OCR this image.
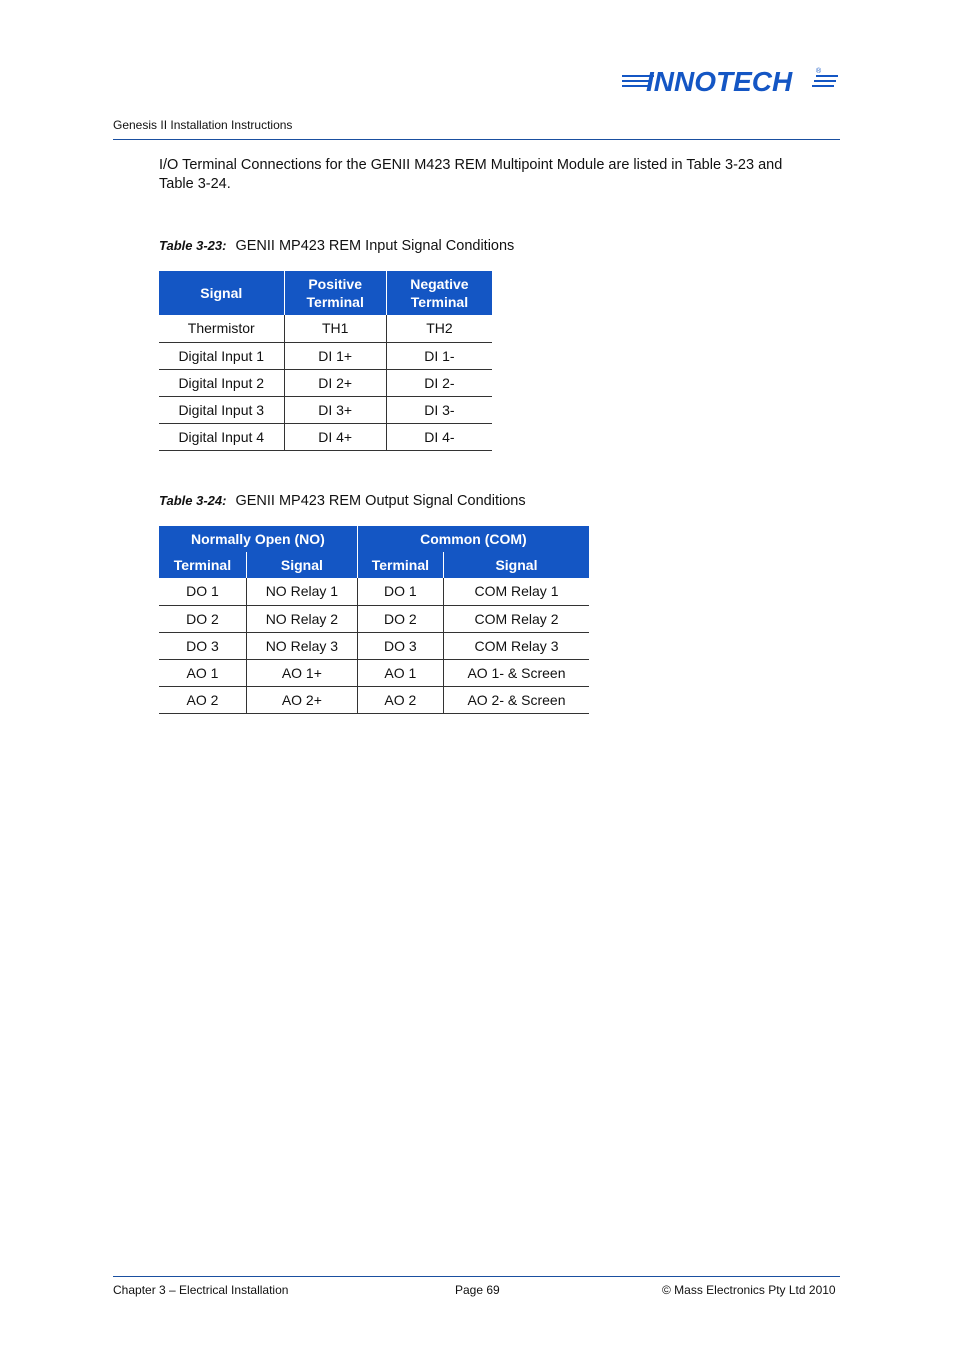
INNOTECH	®
Genesis II Installation Instructions

I/O Terminal Connections for the GENII M423 REM Multipoint Module are listed in Table 3-23 and Table 3-24.

Table 3-23: GENII MP423 REM Input Signal Conditions
Signal	Positive Terminal	Negative Terminal
Thermistor	TH1	TH2
Digital Input 1	DI 1+	DI 1-
Digital Input 2	DI 2+	DI 2-
Digital Input 3	DI 3+	DI 3-
Digital Input 4	DI 4+	DI 4-
Table 3-24: GENII MP423 REM Output Signal Conditions
Normally Open (NO)		Common (COM)	
Terminal	Signal	Terminal	Signal
DO 1	NO Relay 1	DO 1	COM Relay 1
DO 2	NO Relay 2	DO 2	COM Relay 2
DO 3	NO Relay 3	DO 3	COM Relay 3
AO 1	AO 1+	AO 1	AO 1- & Screen
AO 2	AO 2+	AO 2	AO 2- & Screen
Chapter 3 – Electrical Installation	Page 69	© Mass Electronics Pty Ltd 2010
